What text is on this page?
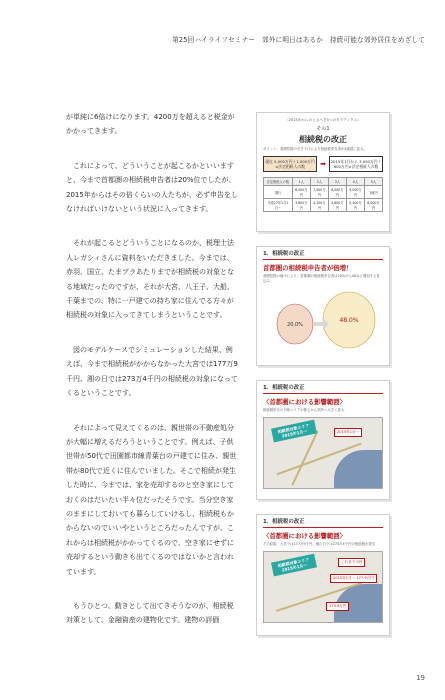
第25回ハイライフセミナー　郊外に明日はあるか　持続可能な郊外居住をめざして

が単純に6倍けになります。4200万を超えると税金がかかってきます。

これによって、どういうことが起こるかといいますと、今まで首都圏の相続税申告者は20%位でしたが、2015年からはその倍くらいの人たちが、必ず申告をしなければいけないという状況に入ってきます。

それが起こるとどういうことになるのか、税理士法人レガシィさんに資料をいただきました。今までは、赤羽、国立、たまプラあたりまでが相続税の対象となる地域だったのですが、それが大宮、八王子、大船、千葉までの、特に一戸建ての持ち家に住んでる方々が相続税の対象に入ってきてしまうということです。

図のモデルケースでシミュレーションした結果、例えば、今まで相続税がかからなかった大宮では177万9千円、湘の日では273万4千円の相続税の対象になってくるということです。

それによって見えてくるのは、親世帯の不動産処分が大幅に増えるだろうということです。例えば、子供世帯が50代で田園都市線青葉台の戸建てに住み、親世帯が80代で近くに住んでいました。そこで相続が発生した時に、今までは、家を売却するのと空き家にしておくのはだいたい半々位だったそうです。当分空き家のままにしておいても暮らしていけるし、相続税もかからないのでいいやというところだったんですが、これからは相続税がかかってくるので、空き家にせずに売却するという動きも出てくるのではないかと言われています。

もうひとつ、動きとして出てきそうなのが、相続税対策として、金融資産の建物化です。建物の評価

〈2015年からのとるべき5つのタクティクス〉
その1
相続税の改正
ポイント：基礎控除の引き下げにより相続税申告者が4割超に拡大。
現在 5,000万円＋1,000万円×法定相続人の数	➡	2015年1月から 3,000万円＋600万円×法定相続人の数
法定相続人の数	1人	2人	3人	4人	5人
現行	6,000万円	7,000万円	8,000万円	9,000万円	1億円
平成27年1月1日〜	3,600万円	4,200万円	4,800万円	5,400万円	6,000万円
1．相続税の改正
首都圏の相続税申告者が倍増！
基礎控除の縮小により、首都圏の相続税申告者は20%から40%に増加する見込み
20.0%
48.0%
1．相続税の改正
〈首都圏における影響範囲〉
相続税申告の対象エリアが都心から郊外へ大きく拡大
相続税対象エリア 2015年1月〜	2015年1月〜
1．相続税の改正
〈首都圏における影響範囲〉
その結果、大宮では177万9千円、湘の日では273万4千円の相続税が発生
相続税対象エリア 2015年1月〜
これまで 0円
2015年1月〜 177.9万円
273.4万円
19
